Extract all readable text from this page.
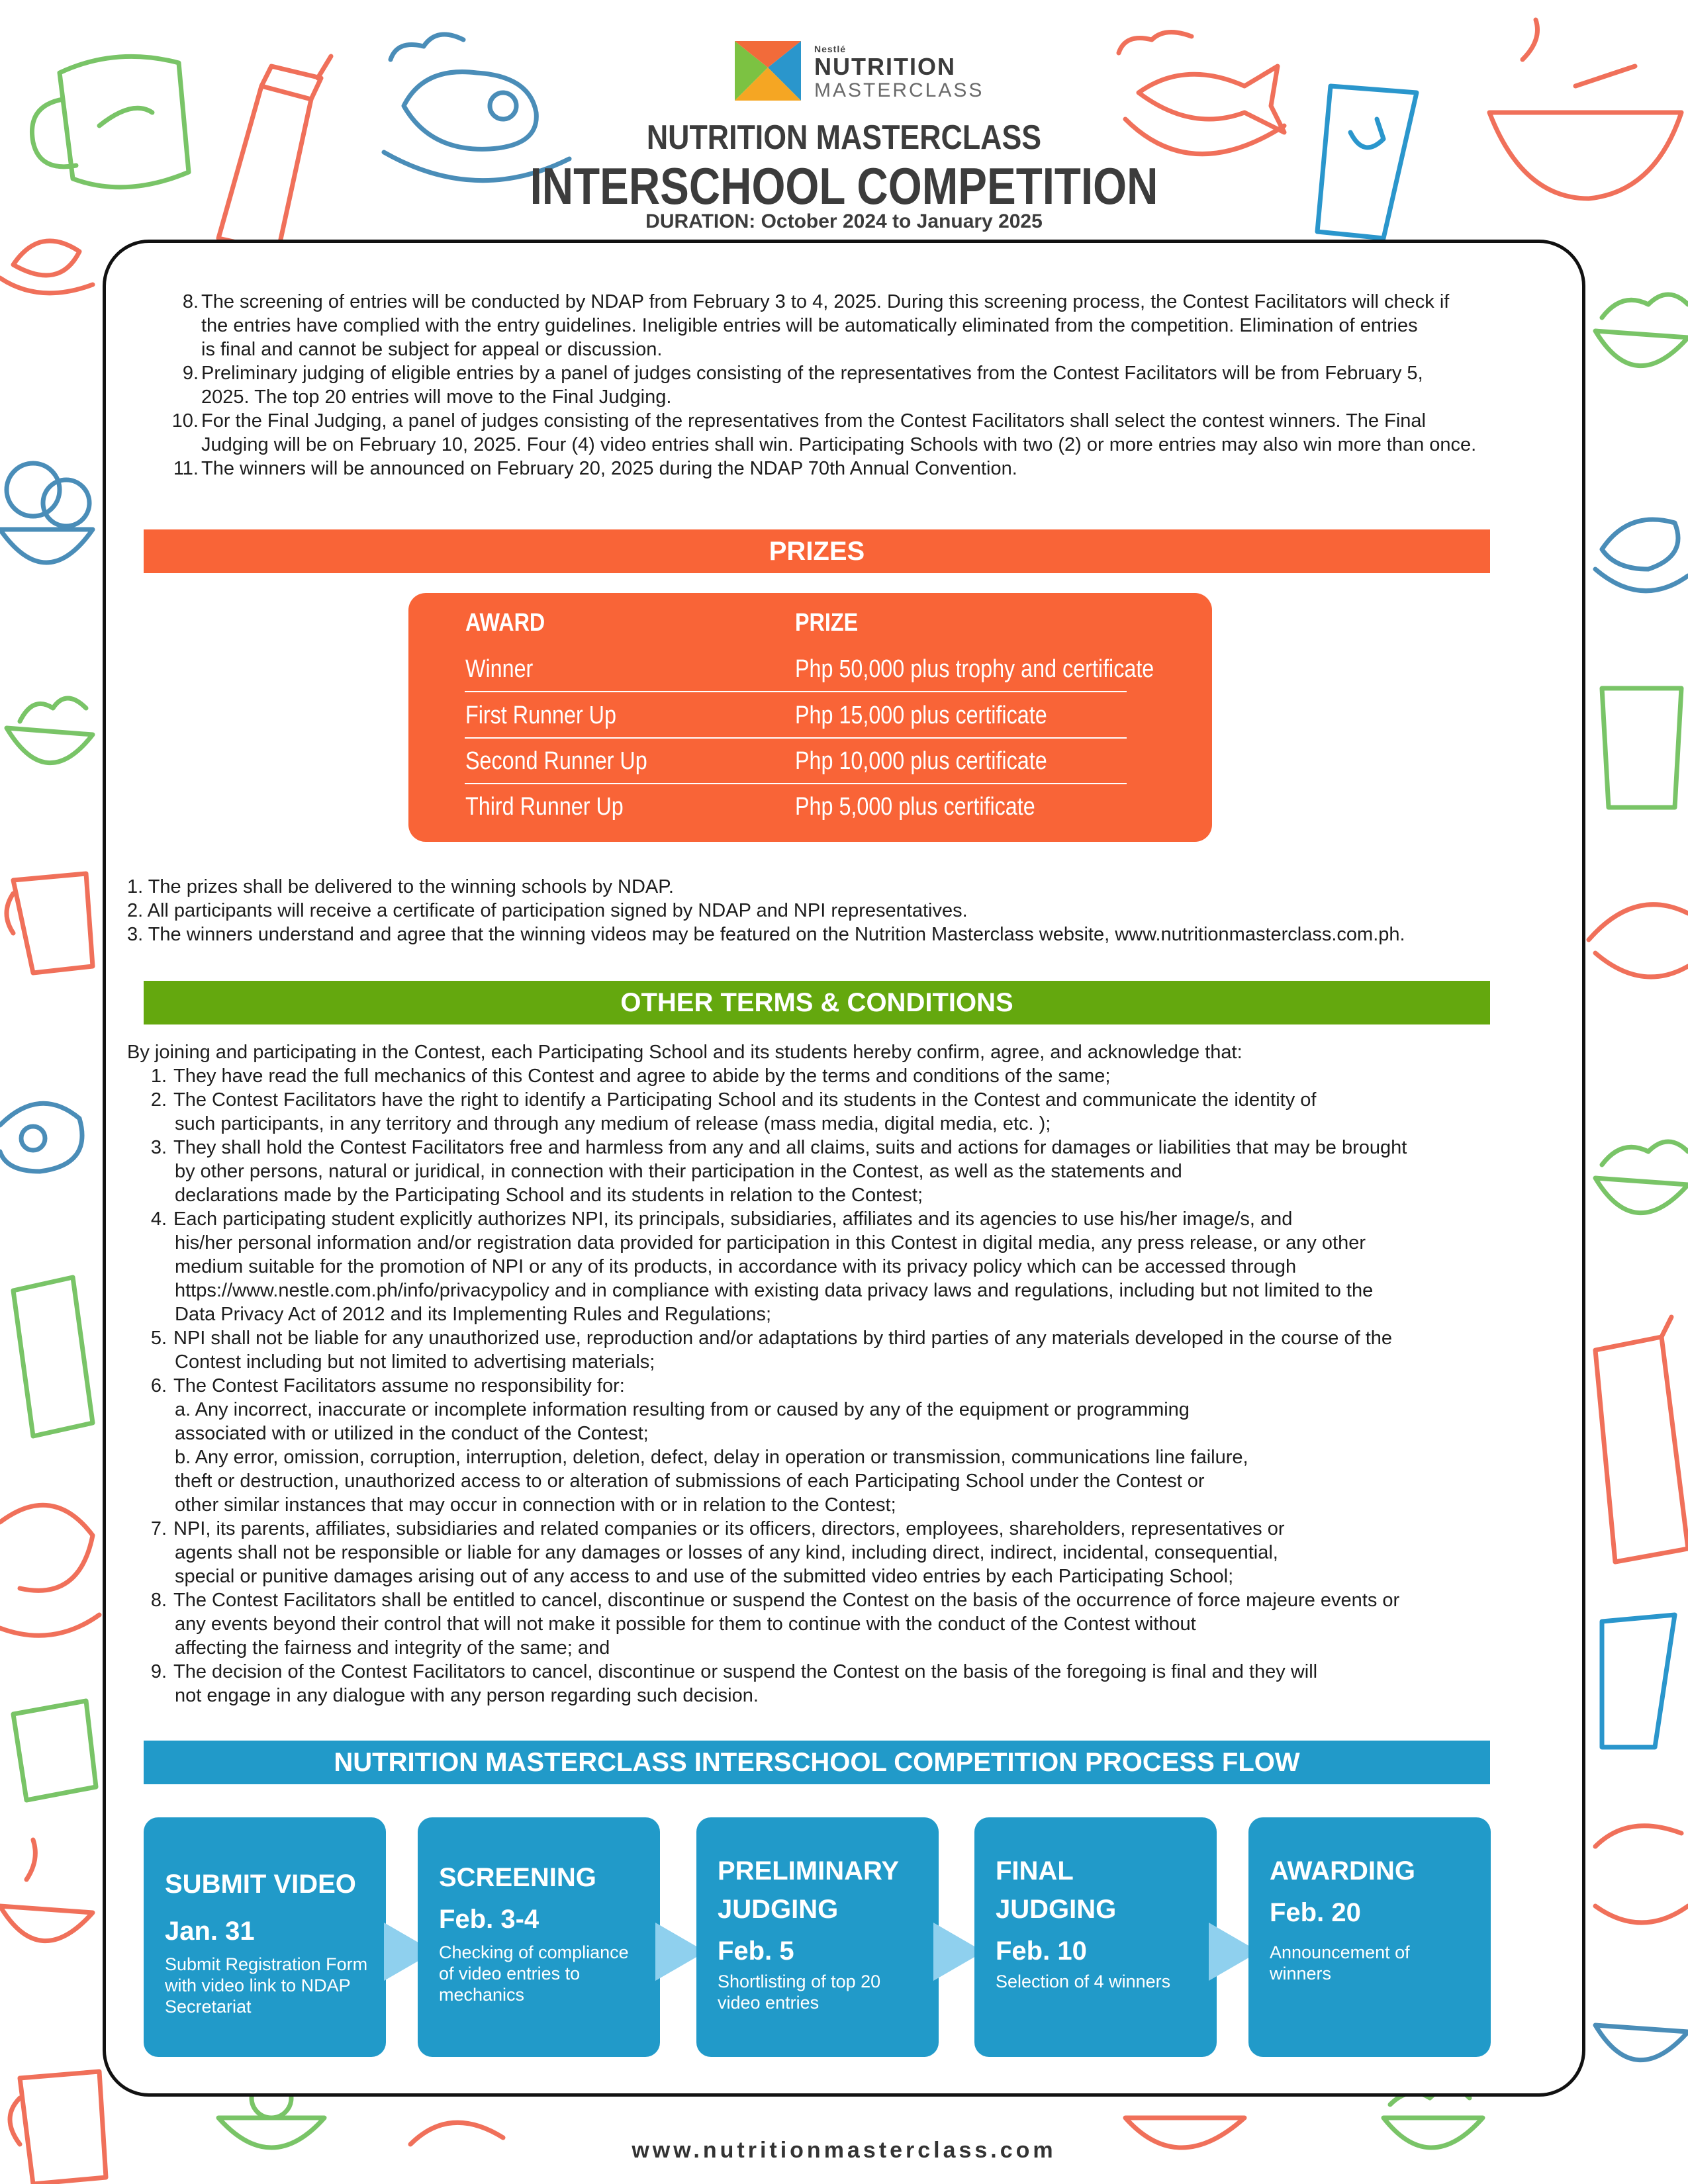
Nestlé
NUTRITION
MASTERCLASS
NUTRITION MASTERCLASS
INTERSCHOOL COMPETITION
DURATION: October 2024 to January 2025
8. The screening of entries will be conducted by NDAP from February 3 to 4, 2025. During this screening process, the Contest Facilitators will check if
the entries have complied with the entry guidelines. Ineligible entries will be automatically eliminated from the competition. Elimination of entries
is final and cannot be subject for appeal or discussion.
9. Preliminary judging of eligible entries by a panel of judges consisting of the representatives from the Contest Facilitators will be from February 5,
2025. The top 20 entries will move to the Final Judging.
10. For the Final Judging, a panel of judges consisting of the representatives from the Contest Facilitators shall select the contest winners. The Final
Judging will be on February 10, 2025. Four (4) video entries shall win. Participating Schools with two (2) or more entries may also win more than once.
11. The winners will be announced on February 20, 2025 during the NDAP 70th Annual Convention.
PRIZES
AWARD	PRIZE
Winner	Php 50,000 plus trophy and certificate
First Runner Up	Php 15,000 plus certificate
Second Runner Up	Php 10,000 plus certificate
Third Runner Up	Php 5,000 plus certificate
1. The prizes shall be delivered to the winning schools by NDAP.
2. All participants will receive a certificate of participation signed by NDAP and NPI representatives.
3. The winners understand and agree that the winning videos may be featured on the Nutrition Masterclass website, www.nutritionmasterclass.com.ph.
OTHER TERMS & CONDITIONS
By joining and participating in the Contest, each Participating School and its students hereby confirm, agree, and acknowledge that:
1. They have read the full mechanics of this Contest and agree to abide by the terms and conditions of the same;
2. The Contest Facilitators have the right to identify a Participating School and its students in the Contest and communicate the identity of
such participants, in any territory and through any medium of release (mass media, digital media, etc. );
3. They shall hold the Contest Facilitators free and harmless from any and all claims, suits and actions for damages or liabilities that may be brought
by other persons, natural or juridical, in connection with their participation in the Contest, as well as the statements and
declarations made by the Participating School and its students in relation to the Contest;
4. Each participating student explicitly authorizes NPI, its principals, subsidiaries, affiliates and its agencies to use his/her image/s, and
his/her personal information and/or registration data provided for participation in this Contest in digital media, any press release, or any other
medium suitable for the promotion of NPI or any of its products, in accordance with its privacy policy which can be accessed through
https://www.nestle.com.ph/info/privacypolicy and in compliance with existing data privacy laws and regulations, including but not limited to the
Data Privacy Act of 2012 and its Implementing Rules and Regulations;
5. NPI shall not be liable for any unauthorized use, reproduction and/or adaptations by third parties of any materials developed in the course of the
Contest including but not limited to advertising materials;
6. The Contest Facilitators assume no responsibility for:
a. Any incorrect, inaccurate or incomplete information resulting from or caused by any of the equipment or programming
associated with or utilized in the conduct of the Contest;
b. Any error, omission, corruption, interruption, deletion, defect, delay in operation or transmission, communications line failure,
theft or destruction, unauthorized access to or alteration of submissions of each Participating School under the Contest or
other similar instances that may occur in connection with or in relation to the Contest;
7. NPI, its parents, affiliates, subsidiaries and related companies or its officers, directors, employees, shareholders, representatives or
agents shall not be responsible or liable for any damages or losses of any kind, including direct, indirect, incidental, consequential,
special or punitive damages arising out of any access to and use of the submitted video entries by each Participating School;
8. The Contest Facilitators shall be entitled to cancel, discontinue or suspend the Contest on the basis of the occurrence of force majeure events or
any events beyond their control that will not make it possible for them to continue with the conduct of the Contest without
affecting the fairness and integrity of the same; and
9. The decision of the Contest Facilitators to cancel, discontinue or suspend the Contest on the basis of the foregoing is final and they will
not engage in any dialogue with any person regarding such decision.
NUTRITION MASTERCLASS INTERSCHOOL COMPETITION PROCESS FLOW
SUBMIT VIDEO
Jan. 31
Submit Registration Form
with video link to NDAP
Secretariat
SCREENING
Feb. 3-4
Checking of compliance
of video entries to
mechanics
PRELIMINARY
JUDGING
Feb. 5
Shortlisting of top 20
video entries
FINAL
JUDGING
Feb. 10
Selection of 4 winners
AWARDING
Feb. 20
Announcement of
winners
www.nutritionmasterclass.com
